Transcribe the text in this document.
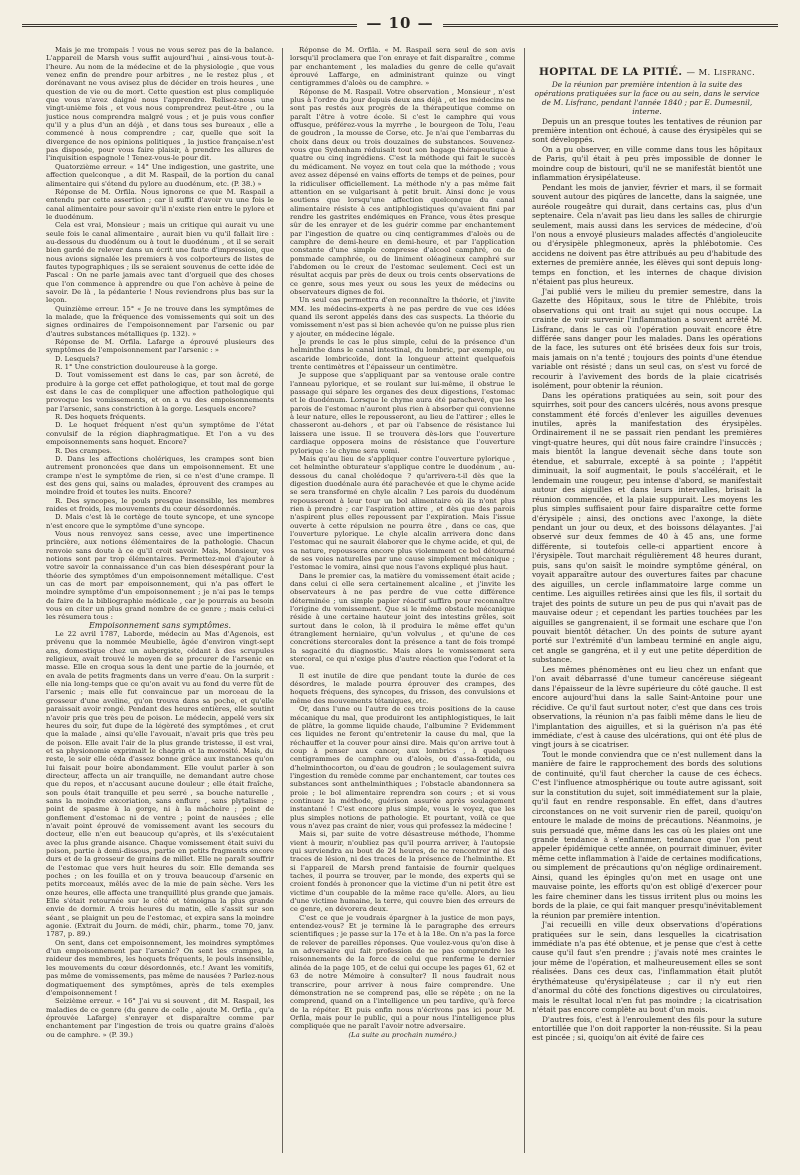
— 10 —

Mais je me trompais ! vous ne vous serez pas de la balance. L'appareil de Marsh vous suffit aujourd'hui , ainsi-vous tout-à-l'heure. Au nom de la médecine et de la physiologie , que vous venez enfin de prendre pour arbitres , ne le restez plus , et dorénavant ne vous avisez plus de décider en trois heures , une question de vie ou de mort. Cette question est plus compliquée que vous n'avez daigné nous l'apprendre. Relisez-nous une vingt-unième fois , et vous nous comprendrez peut-être , ou la justice nous comprendra malgré vous ; et je puis vous confier qu'il y a plus d'un an déjà , et dans tous ses bureaux , elle a commencé à nous comprendre ; car, quelle que soit la divergence de nos opinions politiques , la justice française.n'est pas disposée, pour vous faire plaisir, à prendre les allures de l'inquisition espagnole ! Tenez-vous-le pour dit.

Quatorzième erreur. « 14° Une indigestion, une gastrite, une affection quelconque , a dit M. Raspail, de la portion du canal alimentaire qui s'étend du pylore au duodénum, etc. (P. 38.) »

Réponse de M. Orfila. Nous ignorons ce que M. Raspail a entendu par cette assertion ; car il suffit d'avoir vu une fois le canal alimentaire pour savoir qu'il n'existe rien entre le pylore et le duodénum.

Cela est vrai, Monsieur ; mais un critique qui aurait vu une seule fois le canal alimentaire , aurait bien vu qu'il fallait lire : au-dessous du duodénum ou à tout le duodénum , et il se serait bien gardé de relever dans un écrit une faute d'impression, que nous avions signalée les premiers à vos colporteurs de listes de fautes typographiques ; ils se seraient souvenus de cette idée de Pascal : On ne parle jamais avec tant d'orgueil que des choses que l'on commence à apprendre ou que l'on achève à peine de savoir. De là , la pédanterie ! Nous reviendrons plus bas sur la leçon.

Quinzième erreur. 15° « Je ne trouve dans les symptômes de la malade, que la fréquence des vomissements qui soit un des signes ordinaires de l'empoisonnement par l'arsenic ou par d'autres substances métalliques (p. 132). »

Réponse de M. Orfila. Lafarge a éprouvé plusieurs des symptômes de l'empoisonnement par l'arsenic : »

D. Lesquels?

R. 1° Une constriction douloureuse à la gorge.

D. Tout vomissement est dans le cas, par son âcreté, de produire à la gorge cet effet pathologique, et tout mal de gorge est dans le cas de compliquer une affection pathologique qui provoque les vomissements, et on a vu des empoisonnements par l'arsenic, sans constriction à la gorge. Lesquels encore?

R. Des hoquets fréquents.

D. Le hoquet fréquent n'est qu'un symptôme de l'état convulsif de la région diaphragmatique. Et l'on a vu des empoisonnements sans hoquet. Encore?

R. Des crampes.

D. Dans les affections cholériques, les crampes sont bien autrement prononcées que dans un empoisonnement. Et une crampe n'est le symptôme de rien, si ce n'est d'une crampe. Il est des gens qui, sains ou malades, éprouvent des crampes au moindre froid et toutes les nuits. Encore?

R. Des syncopes, le pouls presque insensible, les membres raides et froids, les mouvements du cœur désordonnés.

D. Mais c'est là le cortège de toute syncope, et une syncope n'est encore que le symptôme d'une syncope.

Vous nous renvoyez sans cesse, avec une impertinence princière, aux notions élémentaires de la pathologie. Chacun renvoie sans doute à ce qu'il croit savoir. Mais, Monsieur, vos notions sont par trop élémentaires. Permettez-moi d'ajouter à votre savoir la connaissance d'un cas bien désespérant pour la théorie des symptômes d'un empoisonnement métallique. C'est un cas de mort par empoisonnement, qui n'a pas offert le moindre symptôme d'un empoisonnement ; je n'ai pas le temps de faire de la bibliographie médicale , car je pourrais au besoin vous en citer un plus grand nombre de ce genre ; mais celui-ci les résumera tous :

Empoisonnement sans symptômes.

Le 22 avril 1787, Laborde, médecin au Mas d'Agenois, est prévenu que la nommée Meubielle, âgée d'environ vingt-sept ans, domestique chez un aubergiste, cédant à des scrupules religieux, avait trouvé le moyen de se procurer de l'arsenic en masse. Elle en croqua sous la dent une partie de la journée, et en avala de petits fragments dans un verre d'eau. On la surprit : elle nia long-temps que ce qu'on avait vu au fond du verre fût de l'arsenic ; mais elle fut convaincue par un morceau de la grosseur d'une aveline, qu'on trouva dans sa poche, et qu'elle paraissait avoir rongé. Pendant des heures entières, elle soutint n'avoir pris que très peu de poison. Le médecin, appelé vers six heures du soir, fut dupe de la légèreté des symptômes , et crut que la malade , ainsi qu'elle l'avouait, n'avait pris que très peu de poison. Elle avait l'air de la plus grande tristesse, il est vrai, et sa physionomie exprimait le chagrin et la morosité. Mais, du reste, le soir elle céda d'assez bonne grâce aux instances qu'on lui faisait pour boire abondamment. Elle voulut parler à son directeur, affecta un air tranquille, ne demandant autre chose que du repos, et n'accusant aucune douleur ; elle était fraîche, son pouls était tranquille et peu serré , sa bouche naturelle , sans la moindre excoriation, sans enflure , sans plytalisme ; point de spasme à la gorge, ni à la mâchoire ; point de gonflement d'estomac ni de ventre ; point de nausées ; elle n'avait point éprouvé de vomissement avant les secours du docteur, elle n'en eut beaucoup qu'après, et ils s'exécutaient avec la plus grande aisance. Chaque vomissement était suivi du poison, partie à demi-dissous, partie en petits fragments encore durs et de la grosseur de grains de millet. Elle ne paraît souffrir de l'estomac que vers huit heures du soir. Elle demanda ses poches ; on les fouilla et on y trouva beaucoup d'arsenic en petits morceaux, mêlés avec de la mie de pain sèche. Vers les onze heures, elle affecta une tranquillité plus grande que jamais. Elle s'était retournée sur le côté et témoigna la plus grande envie de dormir. A trois heures du matin, elle s'assit sur son séant , se plaignit un peu de l'estomac, et expira sans la moindre agonie. (Extrait du Journ. de médi, chir., pharm., tome 70, janv. 1787, p. 89.)

On sent, dans cet empoisonnement, les moindres symptômes d'un empoisonnement par l'arsenic? On sent les crampes, la raideur des membres, les hoquets fréquents, le pouls insensible, les mouvements du cœur désordonnés, etc.! Avant les vomitifs, pas même de vomissements, pas même de nausées ? Parlez-nous dogmatiquement des symptômes, après de tels exemples d'empoisonnement !

Seizième erreur. « 16° J'ai vu si souvent , dit M. Raspail, les maladies de ce genre (du genre de celle , ajoute M. Orfila , qu'a éprouvée Lafarge) s'enrayer et disparaître comme par enchantement par l'ingestion de trois ou quatre grains d'aloès ou de camphre. » (P. 39.)

Réponse de M. Orfila. « M. Raspail sera seul de son avis lorsqu'il proclamera que l'on enraye et fait disparaître , comme par enchantement , les maladies du genre de celle qu'avait éprouvé Laffarge, en administrant quinze ou vingt centigrammes d'aloès ou de camphre. »

Réponse de M. Raspail. Votre observation , Monsieur , n'est plus à l'ordre du jour depuis deux ans déjà , et les médecins ne sont pas restés aux progrès de la thérapeutique comme on paraît l'être à votre école. Si c'est le camphre qui vous offusque, préférez-vous la myrrhe , le bourgeon de Tolu, l'eau de goudron , la mousse de Corse, etc. Je n'ai que l'embarras du choix dans deux ou trois douzaines de substances. Souvenez-vous que Sydenham réduisait tout son bagage thérapeutique à quatre ou cinq ingrédiens. C'est la méthode qui fait le succès du médicament. Ne voyez en tout cela que la méthode ; vous avez assez dépensé en vains efforts de temps et de peines, pour la ridiculiser officiellement. La méthode n'y a pas même fait attention en se vulgarisant à petit bruit. Ainsi donc je vous soutiens que lorsqu'une affection quelconque du canal alimentaire résiste à ces antiphlogistiques qu'avaient fini par rendre les gastrites endémiques en France, vous êtes presque sûr de les enrayer et de les guérir comme par enchantement par l'ingestion de quatre ou cinq centigrammes d'aloès ou de camphre de demi-heure en demi-heure, et par l'application constante d'une simple compresse d'alcool camphré, ou de pommade camphrée, ou de liniment oléagineux camphré sur l'abdomen ou le creux de l'estomac seulement. Ceci est un résultat acquis par près de deux ou trois cents observations de ce genre, sous mes yeux ou sous les yeux de médecins ou observateurs dignes de foi.

Un seul cas permettra d'en reconnaître la théorie, et j'invite MM. les médecins-experts à ne pas perdre de vue ces idées quand ils seront appelés dans des cas suspects. La théorie du vomissement n'est pas si bien achevée qu'on ne puisse plus rien y ajouter, en médecine légale.

Je prends le cas le plus simple, celui de la présence d'un helminthe dans le canal intestinal, du lombric, par exemple, ou ascaride lombricoïde, dont la longueur atteint quelquefois trente centimètres et l'épaisseur un centimètre.

Je suppose que s'appliquant par sa ventouse orale contre l'anneau pylorique, et se roulant sur lui-même, il obstrue le passage qui sépare les organes des deux digestions, l'estomac et le duodénum. Lorsque le chyme aura été parachevé, que les parois de l'estomac n'auront plus rien à absorber qui convienne à leur nature, elles le repousseront, au lieu de l'attirer ; elles le chasseront au-dehors , et par où l'absence de résistance lui laissera une issue. Il se trouvera dès-lors que l'ouverture cardiaque opposera moins de résistance que l'ouverture pylorique : le chyme sera vomi.

Mais qu'au lieu de s'appliquer contre l'ouverture pylorique , cet helminthe obturateur s'applique contre le duodénum , au-dessous du canal cholédoque ? qu'arrivera-t-il dès que la digestion duodénale aura été parachevée et que le chyme acide se sera transformé en chyle alcalin ? Les parois du duodénum repousseront à leur tour un bol alimentaire où ils n'ont plus rien à prendre ; car l'aspiration attire , et dès que des parois n'aspirent plus elles repoussent par l'expiration. Mais l'issue ouverte à cette répulsion ne pourra être , dans ce cas, que l'ouverture pylorique. Le chyle alcalin arrivera donc dans l'estomac qui ne saurait élaborer que le chyme acide, et qui, de sa nature, repoussera encore plus violemment ce bol détourné de ses voies naturelles par une cause simplement mécanique ; l'estomac le vomira, ainsi que nous l'avons expliqué plus haut.

Dans le premier cas, la matière du vomissement était acide ; dans celui ci elle sera certainement alcaline , et j'invite les observateurs à ne pas perdre de vue cette différence déterminée ; un simple papier réactif suffira pour reconnaître l'origine du vomissement. Que si le même obstacle mécanique réside à une certaine hauteur joint des intestins grêles, soit surtout dans le colon, là il produira le même effet qu'un étranglement herniaire, qu'un volvulus , et qu'une de ces concrétions stercorales dont la présence a tant de fois trompé la sagacité du diagnostic. Mais alors le vomissement sera stercoral, ce qui n'exige plus d'autre réaction que l'odorat et la vue.

Il est inutile de dire que pendant toute la durée de ces désordres, le malade pourra éprouver des crampes, des hoquets fréquens, des syncopes, du frisson, des convulsions et même des mouvements tétaniques, etc.

Or, dans l'une ou l'autre de ces trois positions de la cause mécanique du mal, que produiront les antiphlogistiques, le lait de plâtre, la gomme liquide chaude, l'albumine ? Evidemment ces liquides ne feront qu'entretenir la cause du mal, que la réchauffer et la couver pour ainsi dire. Mais qu'on arrive tout à coup à penser aux cancer, aux lombrics , à quelques centigrammes de camphre ou d'aloès, ou d'assa-fœtida, ou d'helminthocorton, ou d'eau de goudron ; le soulagement suivra l'ingestion du remède comme par enchantement, car toutes ces substances sont anthelminthiques ; l'obstacle abandonnera sa proie ; le bol alimentaire reprendra son cours ; et si vous continuez la méthode, guérison assurée après soulagement instantané ! C'est encore plus simple, vous le voyez, que les plus simples notions de pathologie. Et pourtant, voilà ce que vous n'avez pas craint de nier, vous qui professez la médecine !

Mais si, par suite de votre désastreuse méthode, l'homme vient à mourir, n'oubliez pas qu'il pourra arriver, à l'autopsie qui surviendra au bout de 24 heures, de ne rencontrer ni des traces de lésion, ni des traces de la présence de l'helminthe. Et si l'appareil de Marsh prend fantaisie de fournir quelques taches, il pourra se trouver, par le monde, des experts qui se croient fondés à prononcer que la victime d'un ni petit être est victime d'un coupable de la même race qu'elle. Alors, au lieu d'une victime humaine, la terre, qui couvre bien des erreurs de ce genre, en dévorera deux.

C'est ce que je voudrais épargner à la justice de mon pays, entendez-vous? Et je termine là le paragraphe des erreurs scientifiques ; je passe sur la 17e et à la 18e. On n'a pas la force de relever de pareilles réponses. Que voulez-vous qu'on dise à un adversaire qui fait profession de ne pas comprendre les raisonnements de la force de celui que renferme le dernier alinéa de la page 105, et de celui qui occupe les pages 61, 62 et 63 de notre Mémoire à consulter? Il nous faudrait nous transcrire, pour arriver à nous faire comprendre. Une démonstration ne se comprend pas, elle se répète ; on ne la comprend, quand on a l'intelligence un peu tardive, qu'à force de la répéter. Et puis enfin nous n'écrivons pas ici pour M. Orfila, mais pour le public, qui a pour nous l'intelligence plus compliquée que ne paraît l'avoir notre adversaire.

(La suite au prochain numéro.)

HOPITAL DE LA PITIÉ. — M. Lisfranc.

De la réunion par première intention à la suite des opérations pratiquées sur la face ou au sein, dans le service de M. Lisfranc, pendant l'année 1840 ; par E. Dumesnil, interne.

Depuis un an presque toutes les tentatives de réunion par première intention ont échoué, à cause des érysipèles qui se sont développés.

On a pu observer, en ville comme dans tous les hôpitaux de Paris, qu'il était à peu près impossible de donner le moindre coup de bistouri, qu'il ne se manifestât bientôt une inflammation érysipélateuse.

Pendant les mois de janvier, février et mars, il se formait souvent autour des piqûres de lancette, dans la saignée, une auréole rougeâtre qui durait, dans certains cas, plus d'un septenaire. Cela n'avait pas lieu dans les salles de chirurgie seulement, mais aussi dans les services de médecine, d'où l'on nous a envoyé plusieurs malades affectés d'angioleucite ou d'érysipèle phlegmoneux, après la phlébotomie. Ces accidens ne doivent pas être attribués au peu d'habitude des externes de première année, les élèves qui sont depuis long-temps en fonction, et les internes de chaque division n'étaient pas plus heureux.

J'ai publié vers le milieu du premier semestre, dans la Gazette des Hôpitaux, sous le titre de Phlébite, trois observations qui ont trait au sujet qui nous occupe. La crainte de voir survenir l'inflammation a souvent arrêté M. Lisfranc, dans le cas où l'opération pouvait encore être différée sans danger pour les malades. Dans les opérations de la face, les sutures ont été brisées deux fois sur trois, mais jamais on n'a tenté ; toujours des points d'une étendue variable ont résisté ; dans un seul cas, on s'est vu forcé de recourir à l'avivement des bords de la plaie cicatrisés isolément, pour obtenir la réunion.

Dans les opérations pratiquées au sein, soit pour des squirrhes, soit pour des cancers ulcérés, nous avons presque constamment été forcés d'enlever les aiguilles devenues inutiles, après la manifestation des érysipèles. Ordinairement il ne se passait rien pendant les premières vingt-quatre heures, qui dût nous faire craindre l'insuccès ; mais bientôt la langue devenait sèche dans toute son étendue, et saburrale, excepté à sa pointe ; l'appétit diminuait, la soif augmentait, le pouls s'accélérait, et le lendemain une rougeur, peu intense d'abord, se manifestait autour des aiguilles et dans leurs intervalles, brisait la réunion commencée, et la plaie suppurait. Les moyens les plus simples suffisaient pour faire disparaître cette forme d'érysipèle ; ainsi, des onctions avec l'axonge, la diète pendant un jour ou deux, et des boissons délayantes. J'ai observé sur deux femmes de 40 à 45 ans, une forme différente, si toutefois celle-ci appartient encore à l'érysipèle. Tout marchait régulièrement 48 heures durant, puis, sans qu'on saisît le moindre symptôme général, on voyait apparaître autour des ouvertures faites par chacune des aiguilles, un cercle inflammatoire large comme un centime. Les aiguilles retirées ainsi que les fils, il sortait du trajet des points de suture un peu de pus qui n'avait pas de mauvaise odeur ; et cependant les parties touchées par les aiguilles se gangrenaient, il se formait une eschare que l'on pouvait bientôt détacher. Un des points de suture ayant porté sur l'extrémité d'un lambeau terminé en angle aigu, cet angle se gangréna, et il y eut une petite déperdition de substance.

Les mêmes phénomènes ont eu lieu chez un enfant que l'on avait débarrassé d'une tumeur cancéreuse siégeant dans l'épaisseur de la lèvre supérieure du côté gauche. Il est encore aujourd'hui dans la salle Saint-Antoine pour une récidive. Ce qu'il faut surtout noter, c'est que dans ces trois observations, la réunion n'a pas faibli même dans le lieu de l'implantation des aiguilles, et si la guérison n'a pas été immédiate, c'est à cause des ulcérations, qui ont été plus de vingt jours à se cicatriser.

Tout le monde conviendra que ce n'est nullement dans la manière de faire le rapprochement des bords des solutions de continuité, qu'il faut chercher la cause de ces échecs. C'est l'influence atmosphérique ou toute autre agissant, soit sur la constitution du sujet, soit immédiatement sur la plaie, qu'il faut en rendre responsable. En effet, dans d'autres circonstances on ne voit survenir rien de pareil, quoiqu'on entoure le malade de moins de précautions. Néanmoins, je suis persuadé que, même dans les cas où les plaies ont une grande tendance à s'enflammer, tendance que l'on peut appeler épidémique cette année, on pourrait diminuer, éviter même cette inflammation à l'aide de certaines modifications, ou simplement de précautions qu'on néglige ordinairement. Ainsi, quand les épingles qu'on met en usage ont une mauvaise pointe, les efforts qu'on est obligé d'exercer pour les faire cheminer dans les tissus irritent plus ou moins les bords de la plaie, ce qui fait manquer presqu'inévitablement la réunion par première intention.

J'ai recueilli en ville deux observations d'opérations pratiquées sur le sein, dans lesquelles la cicatrisation immédiate n'a pas été obtenue, et je pense que c'est à cette cause qu'il faut s'en prendre ; j'avais noté mes craintes le jour même de l'opération, et malheureusement elles se sont réalisées. Dans ces deux cas, l'inflammation était plutôt érythémateuse qu'érysipélateuse ; car il n'y eut rien d'anormal du côté des fonctions digestives ou circulatoires, mais le résultat local n'en fut pas moindre ; la cicatrisation n'était pas encore complète au bout d'un mois.

D'autres fois, c'est à l'enroulement des fils pour la suture entortillée que l'on doit rapporter la non-réussite. Si la peau est pincée ; si, quoiqu'on ait évité de faire ces
